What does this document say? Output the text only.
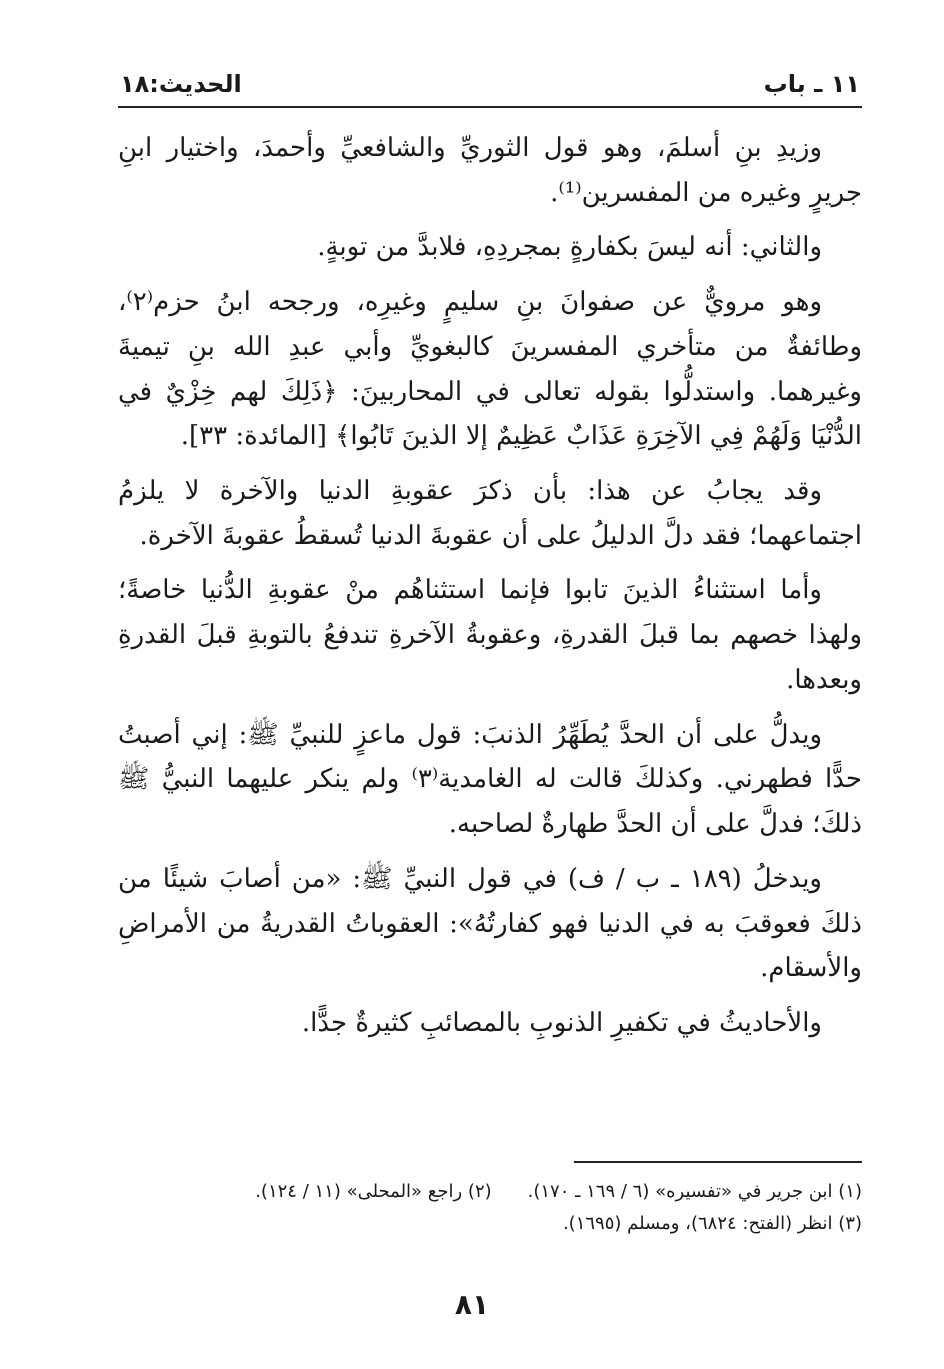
١١ ـ باب
الحديث:١٨

وزيدِ بنِ أسلمَ، وهو قول الثوريِّ والشافعيِّ وأحمدَ، واختيار ابنِ جريرٍ وغيره من المفسرين⁽¹⁾.

والثاني: أنه ليسَ بكفارةٍ بمجردِهِ، فلابدَّ من توبةٍ.

وهو مرويٌّ عن صفوانَ بنِ سليمٍ وغيرِه، ورجحه ابنُ حزم⁽٢⁾، وطائفةٌ من متأخري المفسرينَ كالبغويِّ وأبي عبدِ الله بنِ تيميةَ وغيرهما. واستدلُّوا بقوله تعالى في المحاربينَ: ﴿ذَلِكَ لهم خِزْيٌ في الدُّنْيَا وَلَهُمْ فِي الآخِرَةِ عَذَابٌ عَظِيمٌ إلا الذينَ تَابُوا﴾ [المائدة: ٣٣].

وقد يجابُ عن هذا: بأن ذكرَ عقوبةِ الدنيا والآخرة لا يلزمُ اجتماعهما؛ فقد دلَّ الدليلُ على أن عقوبةَ الدنيا تُسقطُ عقوبةَ الآخرة.

وأما استثناءُ الذينَ تابوا فإنما استثناهُم منْ عقوبةِ الدُّنيا خاصةً؛ ولهذا خصهم بما قبلَ القدرةِ، وعقوبةُ الآخرةِ تندفعُ بالتوبةِ قبلَ القدرةِ وبعدها.

ويدلُّ على أن الحدَّ يُطَهِّرُ الذنبَ: قول ماعزٍ للنبيِّ ﷺ: إني أصبتُ حدًّا فطهرني. وكذلكَ قالت له الغامدية⁽٣⁾ ولم ينكر عليهما النبيُّ ﷺ ذلكَ؛ فدلَّ على أن الحدَّ طهارةٌ لصاحبه.

ويدخلُ (١٨٩ ـ ب / ف) في قول النبيِّ ﷺ: «من أصابَ شيئًا من ذلكَ فعوقبَ به في الدنيا فهو كفارتُهُ»: العقوباتُ القدريةُ من الأمراضِ والأسقام.

والأحاديثُ في تكفيرِ الذنوبِ بالمصائبِ كثيرةٌ جدًّا.

(١) ابن جرير في «تفسيره» (٦ / ١٦٩ ـ ١٧٠).(٢) راجع «المحلى» (١١ / ١٢٤).
(٣) انظر (الفتح: ٦٨٢٤)، ومسلم (١٦٩٥).
٨١
